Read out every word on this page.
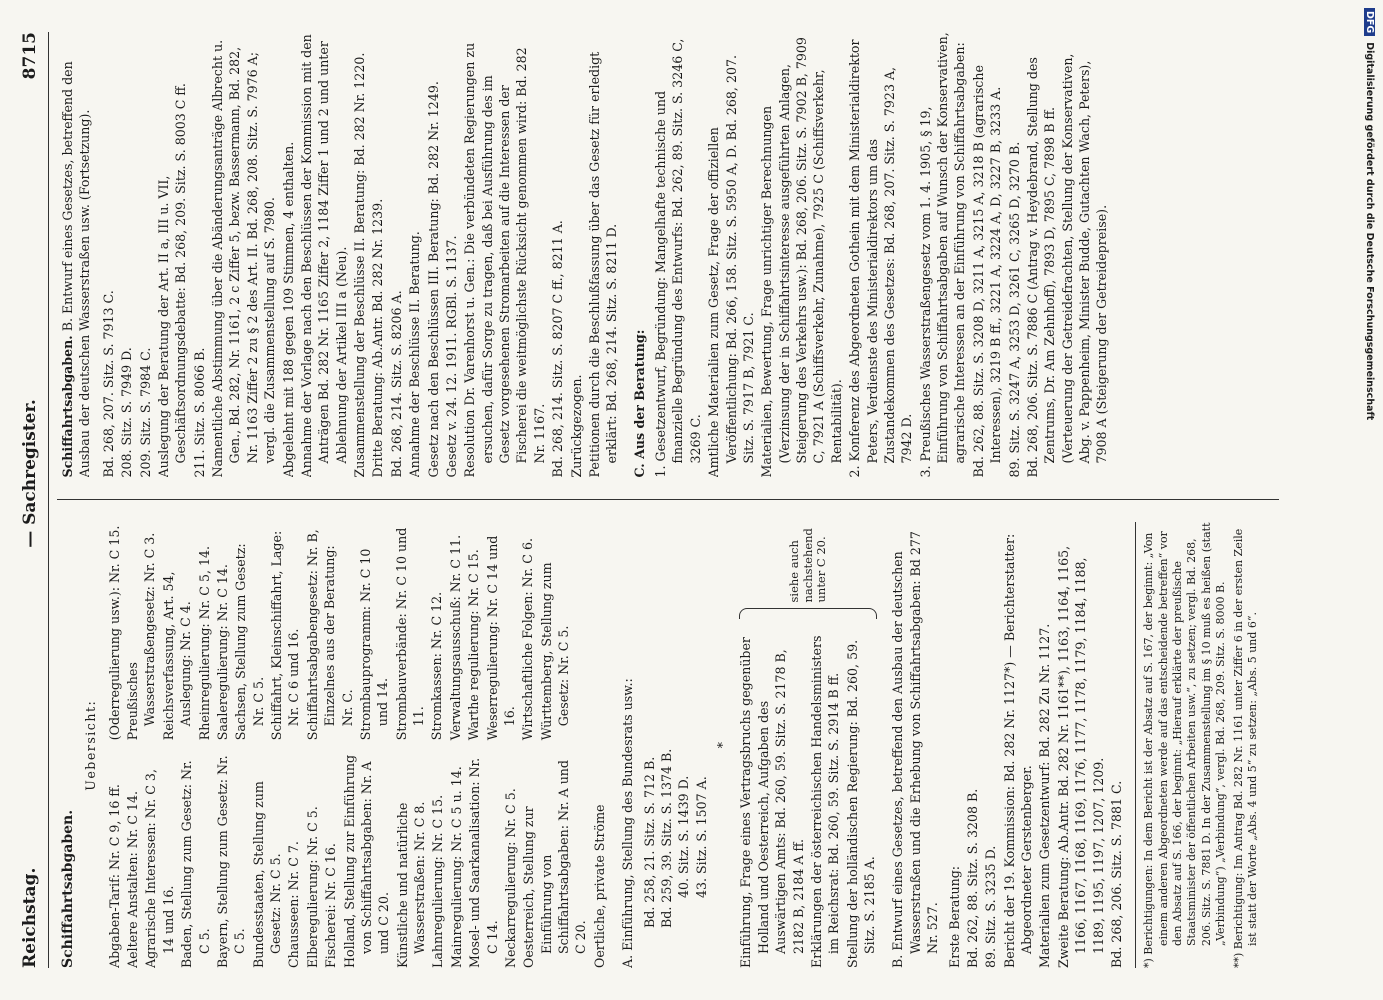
Reichstag.
— Sachregister.
8715
Schiffahrtsabgaben.
Uebersicht:

Abgaben-Tarif: Nr. C 9, 16 ff. Aeltere Anstalten: Nr. C 14. Agrarische Interessen: Nr. C 3, 14 und 16. Baden, Stellung zum Gesetz: Nr. C 5. Bayern, Stellung zum Gesetz: Nr. C 5. Bundesstaaten, Stellung zum Gesetz: Nr. C 5. Chausseen: Nr. C 7. Elberegulierung: Nr. C 5. Fischerei: Nr. C 16. Holland, Stellung zur Einführung von Schiffahrtsabgaben: Nr. A und C 20. Künstliche und natürliche Wasserstraßen: Nr. C 8. Lahnregulierung: Nr. C 15. Mainregulierung: Nr. C 5 u. 14. Mosel- und Saarkanalisation: Nr. C 14. Neckarregulierung: Nr. C 5. Oesterreich, Stellung zur Einführung von Schiffahrtsabgaben: Nr. A und C 20. Oertliche, private Ströme

(Oderregulierung usw.): Nr. C 15. Preußisches Wasserstraßengesetz: Nr. C 3. Reichsverfassung, Art. 54, Auslegung: Nr. C 4. Rheinregulierung: Nr. C 5, 14. Saaleregulierung: Nr. C 14. Sachsen, Stellung zum Gesetz: Nr. C 5. Schiffahrt, Kleinschiffahrt, Lage: Nr. C 6 und 16. Schiffahrtsabgabengesetz: Nr. B, Einzelnes aus der Beratung: Nr. C. Strombauprogramm: Nr. C 10 und 14. Strombauverbände: Nr. C 10 und 11. Stromkassen: Nr. C 12. Verwaltungsausschuß: Nr. C 11. Warthe regulierung: Nr. C 15. Weserregulierung: Nr. C 14 und 16. Wirtschaftliche Folgen: Nr. C 6. Württemberg, Stellung zum Gesetz: Nr. C 5.

A. Einführung, Stellung des Bundesrats usw.: Bd. 258, 21. Sitz. S. 712 B. Bd. 259, 39. Sitz. S. 1374 B. 40. Sitz. S. 1439 D. 43. Sitz. S. 1507 A.

* Einführung, Frage eines Vertragsbruchs gegenüber Holland und Oesterreich, Aufgaben des Auswärtigen Amts: Bd. 260, 59. Sitz. S. 2178 B, 2182 B, 2184 A ff. Erklärungen der österreichischen Handelsministers im Reichsrat: Bd. 260, 59. Sitz. S. 2914 B ff. Stellung der holländischen Regierung: Bd. 260, 59. Sitz. S. 2185 A.

siehe auch nachstehend unter C 20.	B. Entwurf eines Gesetzes, betreffend den Ausbau der deutschen Wasserstraßen und die Erhebung von Schiffahrtsabgaben: Bd 277 Nr. 527. Erste Beratung: Bd. 262, 88. Sitz. S. 3208 B. 89. Sitz. S. 3235 D. Bericht der 19. Kommission: Bd. 282 Nr. 1127*) — Berichterstatter: Abgeordneter Gerstenberger. Materialien zum Gesetzentwurf: Bd. 282 Zu Nr. 1127. Zweite Beratung: Ab.Antr. Bd. 282 Nr. 1161**), 1163, 1164, 1165, 1166, 1167, 1168, 1169, 1176, 1177, 1178, 1179, 1184, 1188, 1189, 1195, 1197, 1207, 1209. Bd. 268, 206. Sitz. S. 7881 C. *) Berichtigungen: In dem Bericht ist der Absatz auf S. 167, der beginnt: „Von einem anderen Abgeordneten werde auf das entscheidende betreffen“ vor den Absatz auf S. 166, der beginnt: „Hierauf erklärte der preußische Staatsminister der öffentlichen Arbeiten usw.“, zu setzen; vergl. Bd. 268, 206. Sitz. S. 7881 D. In der Zusammenstellung im § 10 muß es heißen (statt „Verbindung“) „Verbindung“, vergl. Bd. 268, 209. Sitz. S. 8000 B. **) Berichtigung: Im Antrag Bd. 282 Nr. 1161 unter Ziffer 6 in der ersten Zeile ist statt der Worte „Abs. 4 und 5“ zu setzen: „Abs. 5 und 6“.

Schiffahrtsabgaben. B. Entwurf eines Gesetzes, betreffend den Ausbau der deutschen Wasserstraßen usw. (Fortsetzung). Bd. 268, 207. Sitz. S. 7913 C. 208. Sitz. S. 7949 D. 209. Sitz. S. 7984 C. Auslegung der Beratung der Art. II a, III u. VII, Geschäftsordnungsdebatte: Bd. 268, 209. Sitz. S. 8003 C ff. 211. Sitz. S. 8066 B. Namentliche Abstimmung über die Abänderungsanträge Albrecht u. Gen., Bd. 282, Nr. 1161, 2 c Ziffer 5, bezw. Bassermann, Bd. 282, Nr. 1163 Ziffer 2 zu § 2 des Art. II. Bd. 268, 208. Sitz. S. 7976 A; vergl. die Zusammenstellung auf S. 7980. Abgelehnt mit 188 gegen 109 Stimmen, 4 enthalten. Annahme der Vorlage nach den Beschlüssen der Kommission mit den Anträgen Bd. 282 Nr. 1165 Ziffer 2, 1184 Ziffer 1 und 2 und unter Ablehnung der Artikel III a (Neu). Zusammenstellung der Beschlüsse II. Beratung: Bd. 282 Nr. 1220. Dritte Beratung: Ab.Antr. Bd. 282 Nr. 1239. Bd. 268, 214. Sitz. S. 8206 A. Annahme der Beschlüsse II. Beratung. Gesetz nach den Beschlüssen III. Beratung: Bd. 282 Nr. 1249. Gesetz v. 24. 12. 1911. RGBl. S. 1137. Resolution Dr. Varenhorst u. Gen.: Die verbündeten Regierungen zu ersuchen, dafür Sorge zu tragen, daß bei Ausführung des im Gesetz vorgesehenen Stromarbeiten auf die Interessen der Fischerei die weitmöglichste Rücksicht genommen wird: Bd. 282 Nr. 1167. Bd. 268, 214. Sitz. S. 8207 C ff., 8211 A. Zurückgezogen. Petitionen durch die Beschlußfassung über das Gesetz für erledigt erklärt: Bd. 268, 214. Sitz. S. 8211 D. C. Aus der Beratung: 1. Gesetzentwurf, Begründung: Mangelhafte technische und finanzielle Begründung des Entwurfs: Bd. 262, 89. Sitz. S. 3246 C, 3269 C. Amtliche Materialien zum Gesetz, Frage der offiziellen Veröffentlichung: Bd. 266, 158. Sitz. S. 5950 A, D. Bd. 268, 207. Sitz. S. 7917 B, 7921 C. Materialien, Bewertung, Frage unrichtiger Berechnungen (Verzinsung der in Schiffahrtsinteresse ausgeführten Anlagen, Steigerung des Verkehrs usw.): Bd. 268, 206. Sitz. S. 7902 B, 7909 C, 7921 A (Schiffsverkehr, Zunahme), 7925 C (Schiffsverkehr, Rentabilität). 2. Konferenz des Abgeordneten Gothein mit dem Ministerialdirektor Peters, Verdienste des Ministerialdirektors um das Zustandekommen des Gesetzes: Bd. 268, 207. Sitz. S. 7923 A, 7942 D. 3. Preußisches Wasserstraßengesetz vom 1. 4. 1905, § 19, Einführung von Schiffahrtsabgaben auf Wunsch der Konservativen, agrarische Interessen an der Einführung von Schiffahrtsabgaben: Bd. 262, 88. Sitz. S. 3208 D, 3211 A, 3215 A, 3218 B (agrarische Interessen), 3219 B ff., 3221 A, 3224 A, D, 3227 B, 3233 A. 89. Sitz. S. 3247 A, 3253 D, 3261 C, 3265 D, 3270 B. Bd. 268, 206. Sitz. S. 7886 C (Antrag v. Heydebrand, Stellung des Zentrums, Dr. Am Zehnhoff), 7893 D, 7895 C, 7898 B ff. (Verteuerung der Getreidefrachten, Stellung der Konservativen, Abg. v. Pappenheim, Minister Budde, Gutachten Wach, Peters), 7908 A (Steigerung der Getreidepreise).

DFGDigitalisierung gefördert durch die Deutsche Forschungsgemeinschaft
